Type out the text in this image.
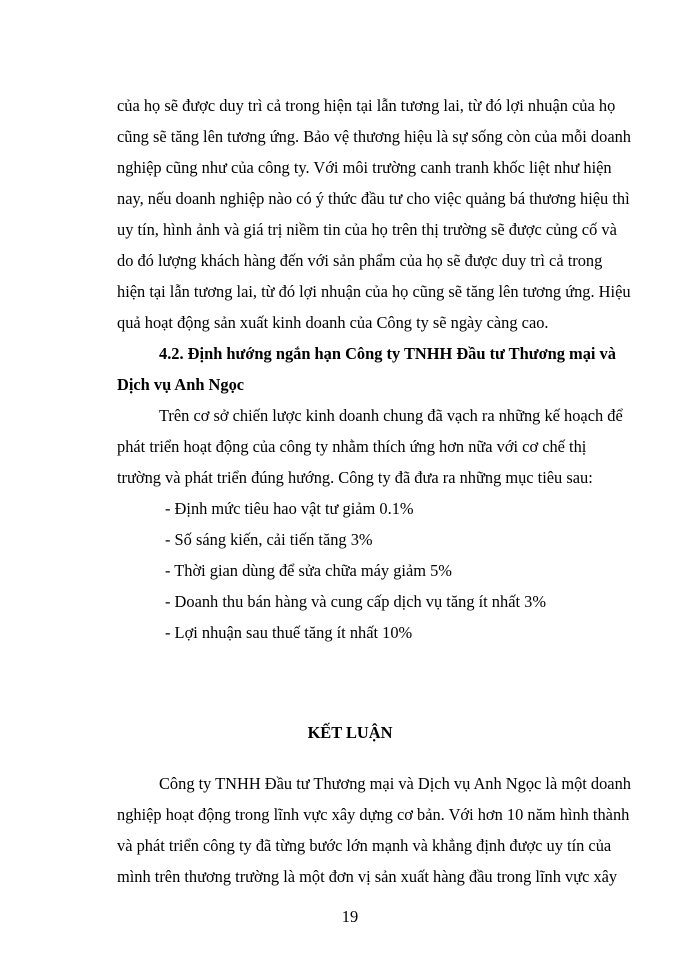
của họ sẽ được duy trì cả trong hiện tại lẫn tương lai, từ đó lợi nhuận của họ
cũng sẽ tăng lên tương ứng. Bảo vệ thương hiệu là sự sống còn của mỗi doanh
nghiệp cũng như của công ty. Với môi trường canh tranh khốc liệt như hiện
nay, nếu doanh nghiệp nào có ý thức đầu tư cho việc quảng bá thương hiệu thì
uy tín, hình ảnh và giá trị niềm tin của họ trên thị trường sẽ được củng cố và
do đó lượng khách hàng đến với sản phẩm của họ sẽ được duy trì cả trong
hiện tại lẫn tương lai, từ đó lợi nhuận của họ cũng sẽ tăng lên tương ứng. Hiệu
quả hoạt động sản xuất kinh doanh của Công ty sẽ ngày càng cao.
4.2. Định hướng ngắn hạn Công ty TNHH Đầu tư Thương mại và
Dịch vụ Anh Ngọc
Trên cơ sở chiến lược kinh doanh chung đã vạch ra những kế hoạch để
phát triển hoạt động của công ty nhằm thích ứng hơn nữa với cơ chế thị
trường và phát triển đúng hướng. Công ty đã đưa ra những mục tiêu sau:
- Định mức tiêu hao vật tư giảm 0.1%
- Số sáng kiến, cải tiến tăng 3%
- Thời gian dùng để sửa chữa máy giảm 5%
- Doanh thu bán hàng và cung cấp dịch vụ tăng ít nhất 3%
- Lợi nhuận sau thuế tăng ít nhất 10%
KẾT LUẬN
Công ty TNHH Đầu tư Thương mại và Dịch vụ Anh Ngọc là một doanh
nghiệp hoạt động trong lĩnh vực xây dựng cơ bản. Với hơn 10 năm hình thành
và phát triển công ty đã từng bước lớn mạnh và khẳng định được uy tín của
mình trên thương trường là một đơn vị sản xuất hàng đầu trong lĩnh vực xây
19
